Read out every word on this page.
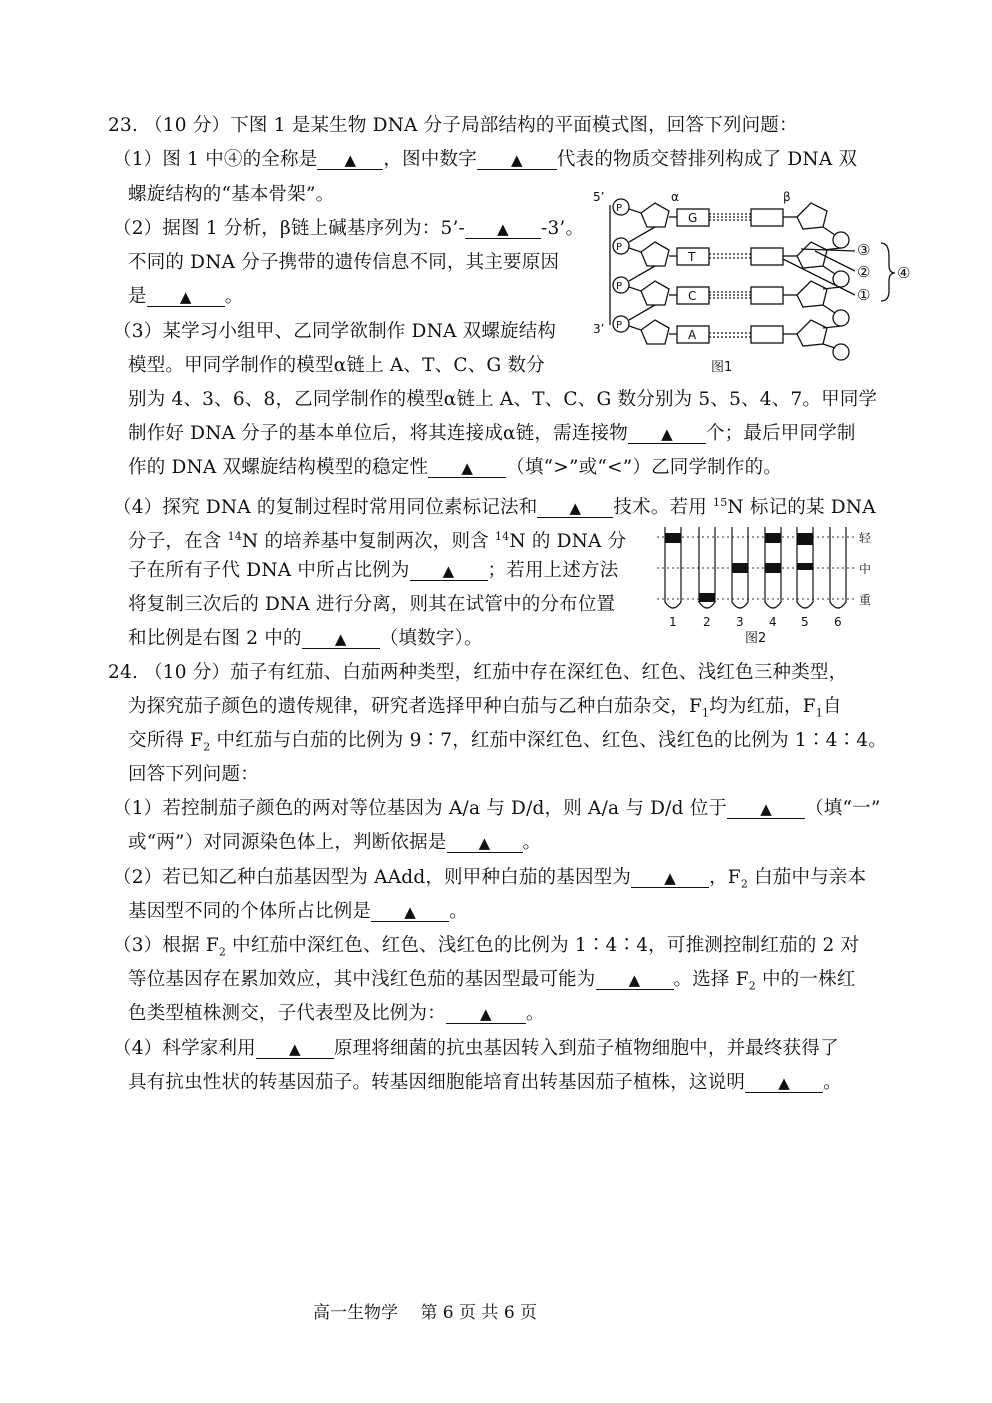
23. （10 分）下图 1 是某生物 DNA 分子局部结构的平面模式图，回答下列问题：
（1）图 1 中④的全称是 ▲ ，图中数字 ▲ 代表的物质交替排列构成了 DNA 双
螺旋结构的“基本骨架”。
（2）据图 1 分析，β链上碱基序列为：5’- ▲ -3’。
不同的 DNA 分子携带的遗传信息不同，其主要原因
是 ▲ 。
（3）某学习小组甲、乙同学欲制作 DNA 双螺旋结构
模型。甲同学制作的模型α链上 A、T、C、G 数分
别为 4、3、6、8，乙同学制作的模型α链上 A、T、C、G 数分别为 5、5、4、7。甲同学
制作好 DNA 分子的基本单位后，将其连接成α链，需连接物 ▲ 个；最后甲同学制
作的 DNA 双螺旋结构模型的稳定性 ▲ （填“>”或“<”）乙同学制作的。
（4）探究 DNA 的复制过程时常用同位素标记法和 ▲ 技术。若用 $^{15}$N 标记的某 DNA
分子，在含 $^{14}$N 的培养基中复制两次，则含 $^{14}$N 的 DNA 分
子在所有子代 DNA 中所占比例为 ▲ ；若用上述方法
将复制三次后的 DNA 进行分离，则其在试管中的分布位置
和比例是右图 2 中的 ▲ （填数字）。
5’
3’
α	β
P
P
P
P
G
T
C
A
③
②
①
④
图1
轻
中
重
1 2 3 4 5 6
图2
24. （10 分）茄子有红茄、白茄两种类型，红茄中存在深红色、红色、浅红色三种类型，
为探究茄子颜色的遗传规律，研究者选择甲种白茄与乙种白茄杂交，$F_1$均为红茄，$F_1$自
交所得 $F_2$ 中红茄与白茄的比例为 9∶7，红茄中深红色、红色、浅红色的比例为 1∶4∶4。
回答下列问题：
（1）若控制茄子颜色的两对等位基因为 A/a 与 D/d，则 A/a 与 D/d 位于 ▲ （填“一”
或“两”）对同源染色体上，判断依据是 ▲ 。
（2）若已知乙种白茄基因型为 AAdd，则甲种白茄的基因型为 ▲ ，$F_2$ 白茄中与亲本
基因型不同的个体所占比例是 ▲ 。
（3）根据 $F_2$ 中红茄中深红色、红色、浅红色的比例为 1∶4∶4，可推测控制红茄的 2 对
等位基因存在累加效应，其中浅红色茄的基因型最可能为 ▲ 。选择 $F_2$ 中的一株红
色类型植株测交，子代表型及比例为： ▲ 。
（4）科学家利用 ▲ 原理将细菌的抗虫基因转入到茄子植物细胞中，并最终获得了
具有抗虫性状的转基因茄子。转基因细胞能培育出转基因茄子植株，这说明 ▲ 。
高一生物学　 第 6 页 共 6 页
